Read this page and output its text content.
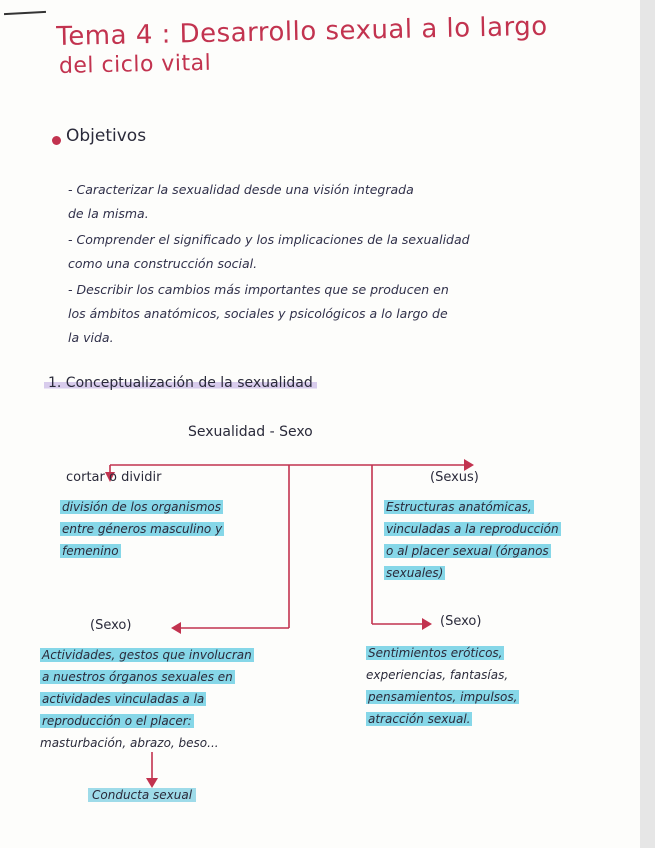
Tema 4 : Desarrollo sexual a lo largo
del ciclo vital
Objetivos
- Caracterizar la sexualidad desde una visión integrada
de la misma.
- Comprender el significado y los implicaciones de la sexualidad
como una construcción social.
- Describir los cambios más importantes que se producen en
los ámbitos anatómicos, sociales y psicológicos a lo largo de
la vida.
1. Conceptualización de la sexualidad
Sexualidad - Sexo
cortar o dividir
división de los organismos
entre géneros masculino y
femenino
(Sexus)
Estructuras anatómicas,
vinculadas a la reproducción
o al placer sexual (órganos
sexuales)
(Sexo)
Actividades, gestos que involucran
a nuestros órganos sexuales en
actividades vinculadas a la
reproducción o el placer:
masturbación, abrazo, beso...
(Sexo)
Sentimientos eróticos,
experiencias, fantasías,
pensamientos, impulsos,
atracción sexual.
Conducta sexual
